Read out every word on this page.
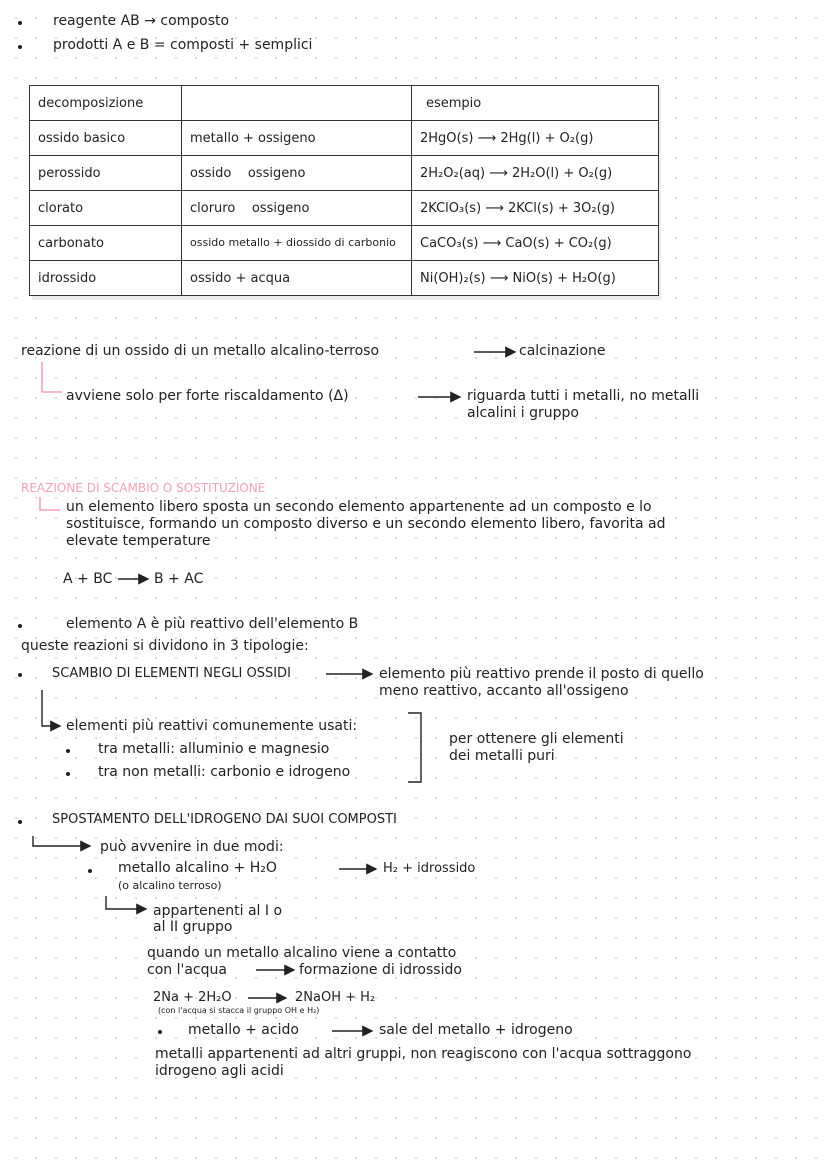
reagente AB → composto
prodotti A e B = composti + semplici
decomposizione		esempio
ossido basico	metallo + ossigeno	2HgO(s) ⟶ 2Hg(l) + O₂(g)
perossido	ossido    ossigeno	2H₂O₂(aq) ⟶ 2H₂O(l) + O₂(g)
clorato	cloruro    ossigeno	2KClO₃(s) ⟶ 2KCl(s) + 3O₂(g)
carbonato	ossido metallo + diossido di carbonio	CaCO₃(s) ⟶ CaO(s) + CO₂(g)
idrossido	ossido + acqua	Ni(OH)₂(s) ⟶ NiO(s) + H₂O(g)
reazione di un ossido di un metallo alcalino-terroso	calcinazione
avviene solo per forte riscaldamento (Δ)	riguarda tutti i metalli, no metalli
alcalini i gruppo
REAZIONE DI SCAMBIO O SOSTITUZIONE
un elemento libero sposta un secondo elemento appartenente ad un composto e lo
sostituisce, formando un composto diverso e un secondo elemento libero, favorita ad
elevate temperature
A + BC	B + AC
elemento A è più reattivo dell'elemento B
queste reazioni si dividono in 3 tipologie:
SCAMBIO DI ELEMENTI NEGLI OSSIDI	elemento più reattivo prende il posto di quello
meno reattivo, accanto all'ossigeno
elementi più reattivi comunemente usati:
tra metalli: alluminio e magnesio
tra non metalli: carbonio e idrogeno
per ottenere gli elementi
dei metalli puri
SPOSTAMENTO DELL'IDROGENO DAI SUOI COMPOSTI
può avvenire in due modi:
metallo alcalino + H₂O	H₂ + idrossido
(o alcalino terroso)
appartenenti al I o
al II gruppo
quando un metallo alcalino viene a contatto
con l'acqua	formazione di idrossido
2Na + 2H₂O	2NaOH + H₂
(con l'acqua si stacca il gruppo OH e H₂)
metallo + acido	sale del metallo + idrogeno
metalli appartenenti ad altri gruppi, non reagiscono con l'acqua sottraggono
idrogeno agli acidi
